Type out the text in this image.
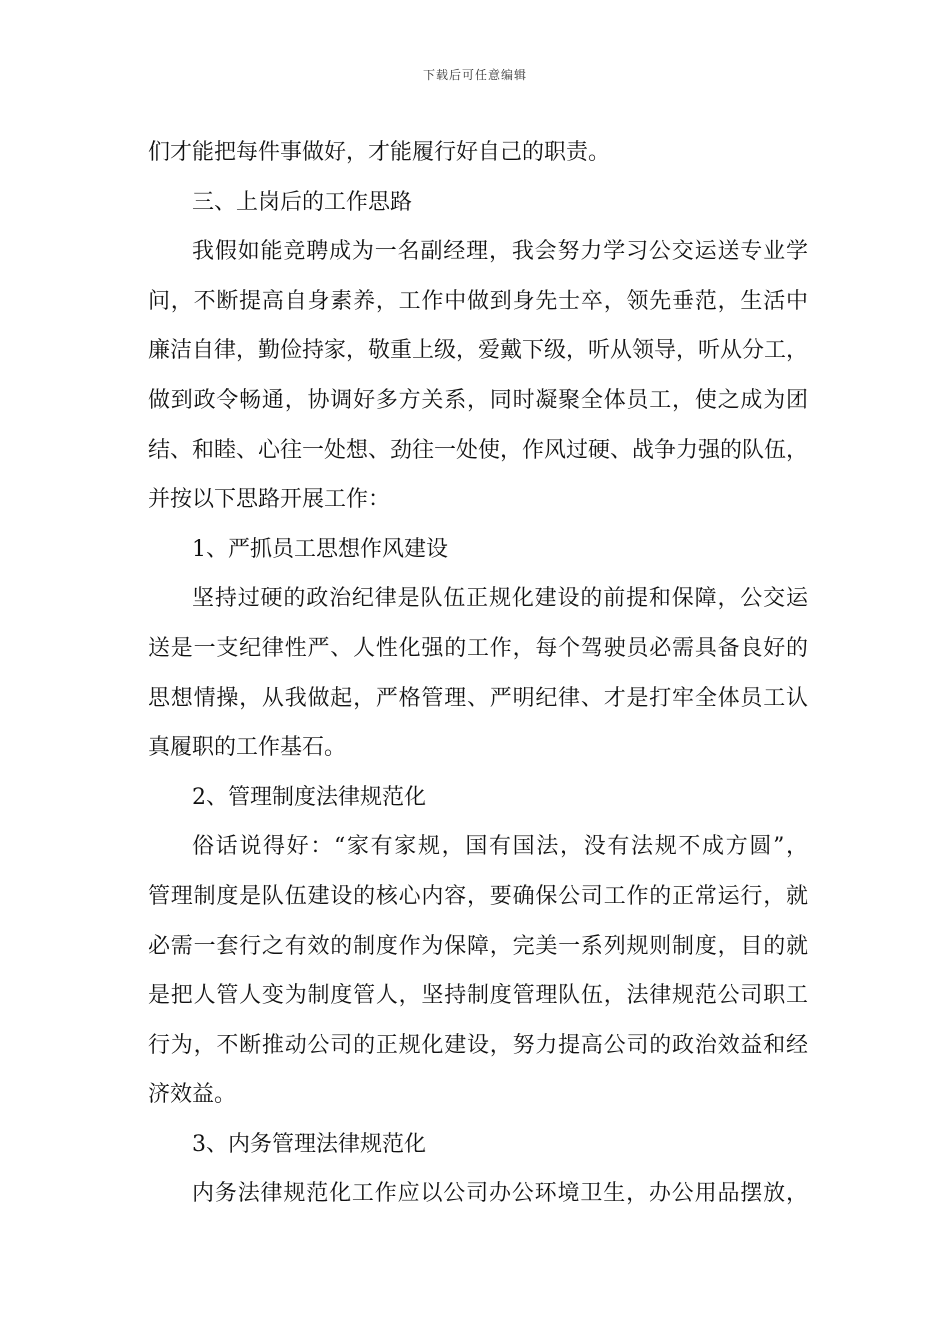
下载后可任意编辑
们才能把每件事做好，才能履行好自己的职责。
三、上岗后的工作思路
我假如能竞聘成为一名副经理，我会努力学习公交运送专业学
问，不断提高自身素养，工作中做到身先士卒，领先垂范，生活中
廉洁自律，勤俭持家，敬重上级，爱戴下级，听从领导，听从分工，
做到政令畅通，协调好多方关系，同时凝聚全体员工，使之成为团
结、和睦、心往一处想、劲往一处使，作风过硬、战争力强的队伍，
并按以下思路开展工作：
1、严抓员工思想作风建设
坚持过硬的政治纪律是队伍正规化建设的前提和保障，公交运
送是一支纪律性严、人性化强的工作，每个驾驶员必需具备良好的
思想情操，从我做起，严格管理、严明纪律、才是打牢全体员工认
真履职的工作基石。
2、管理制度法律规范化
俗话说得好：“家有家规，国有国法，没有法规不成方圆”，
管理制度是队伍建设的核心内容，要确保公司工作的正常运行，就
必需一套行之有效的制度作为保障，完美一系列规则制度，目的就
是把人管人变为制度管人，坚持制度管理队伍，法律规范公司职工
行为，不断推动公司的正规化建设，努力提高公司的政治效益和经
济效益。
3、内务管理法律规范化
内务法律规范化工作应以公司办公环境卫生，办公用品摆放，
